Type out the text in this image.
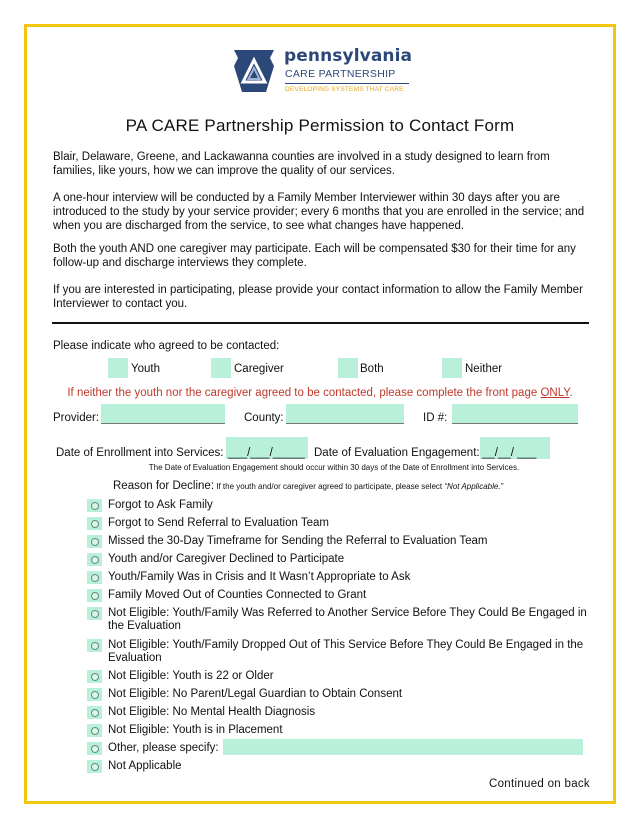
pennsylvania
CARE PARTNERSHIP
DEVELOPING SYSTEMS THAT CARE
PA CARE Partnership Permission to Contact Form
Blair, Delaware, Greene, and Lackawanna counties are involved in a study designed to learn from families, like yours, how we can improve the quality of our services.
A one-hour interview will be conducted by a Family Member Interviewer within 30 days after you are introduced to the study by your service provider; every 6 months that you are enrolled in the service; and when you are discharged from the service, to see what changes have happened.
Both the youth AND one caregiver may participate. Each will be compensated $30 for their time for any follow-up and discharge interviews they complete.
If you are interested in participating, please provide your contact information to allow the Family Member Interviewer to contact you.
Please indicate who agreed to be contacted:
Youth	Caregiver	Both	Neither
If neither the youth nor the caregiver agreed to be contacted, please complete the front page ONLY.
Provider:	County:	ID #:
Date of Enrollment into Services: ___/___/_____ Date of Evaluation Engagement: __/__/ ___
The Date of Evaluation Engagement should occur within 30 days of the Date of Enrollment into Services.
Reason for Decline: If the youth and/or caregiver agreed to participate, please select “Not Applicable.”
Forgot to Ask Family
Forgot to Send Referral to Evaluation Team
Missed the 30-Day Timeframe for Sending the Referral to Evaluation Team
Youth and/or Caregiver Declined to Participate
Youth/Family Was in Crisis and It Wasn’t Appropriate to Ask
Family Moved Out of Counties Connected to Grant
Not Eligible: Youth/Family Was Referred to Another Service Before They Could Be Engaged in the Evaluation
Not Eligible: Youth/Family Dropped Out of This Service Before They Could Be Engaged in the Evaluation
Not Eligible: Youth is 22 or Older
Not Eligible: No Parent/Legal Guardian to Obtain Consent
Not Eligible: No Mental Health Diagnosis
Not Eligible: Youth is in Placement
Other, please specify:
Not Applicable
Continued on back
